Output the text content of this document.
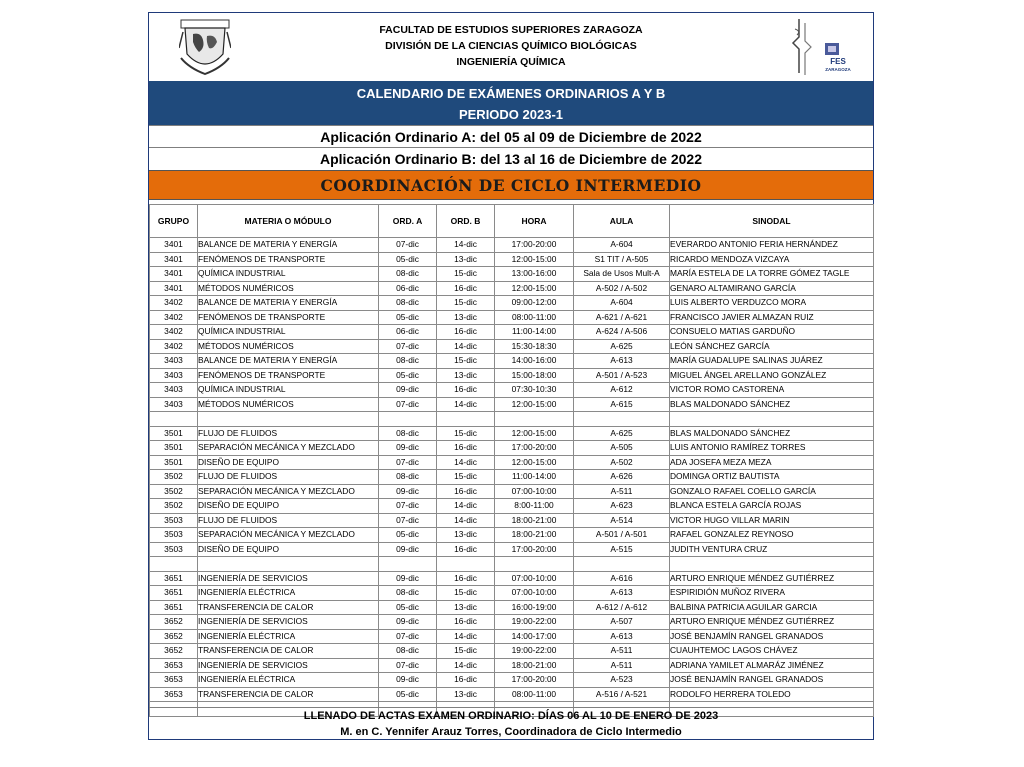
FACULTAD DE ESTUDIOS SUPERIORES ZARAGOZA
DIVISIÓN DE LA CIENCIAS QUÍMICO BIOLÓGICAS
INGENIERÍA QUÍMICA	FES
ZARAGOZA
CALENDARIO DE EXÁMENES ORDINARIOS A Y B
PERIODO 2023-1
Aplicación Ordinario A: del 05 al 09 de Diciembre de 2022
Aplicación Ordinario B: del 13 al 16 de Diciembre de 2022
COORDINACIÓN DE CICLO INTERMEDIO
GRUPO	MATERIA O MÓDULO	ORD. A	ORD. B	HORA	AULA	SINODAL
3401	BALANCE DE MATERIA Y ENERGÍA	07-dic	14-dic	17:00-20:00	A-604	EVERARDO ANTONIO FERIA HERNÁNDEZ
3401	FENÓMENOS DE TRANSPORTE	05-dic	13-dic	12:00-15:00	S1 TIT / A-505	RICARDO MENDOZA VIZCAYA
3401	QUÍMICA INDUSTRIAL	08-dic	15-dic	13:00-16:00	Sala de Usos Mult-A	MARÍA ESTELA DE LA TORRE GÓMEZ TAGLE
3401	MÉTODOS NUMÉRICOS	06-dic	16-dic	12:00-15:00	A-502 / A-502	GENARO ALTAMIRANO GARCÍA
3402	BALANCE DE MATERIA Y ENERGÍA	08-dic	15-dic	09:00-12:00	A-604	LUIS ALBERTO VERDUZCO MORA
3402	FENÓMENOS DE TRANSPORTE	05-dic	13-dic	08:00-11:00	A-621 / A-621	FRANCISCO JAVIER ALMAZAN RUIZ
3402	QUÍMICA INDUSTRIAL	06-dic	16-dic	11:00-14:00	A-624 / A-506	CONSUELO MATIAS GARDUÑO
3402	MÉTODOS NUMÉRICOS	07-dic	14-dic	15:30-18:30	A-625	LEÓN SÁNCHEZ GARCÍA
3403	BALANCE DE MATERIA Y ENERGÍA	08-dic	15-dic	14:00-16:00	A-613	MARÍA GUADALUPE SALINAS JUÁREZ
3403	FENÓMENOS DE TRANSPORTE	05-dic	13-dic	15:00-18:00	A-501 / A-523	MIGUEL ÁNGEL ARELLANO GONZÁLEZ
3403	QUÍMICA INDUSTRIAL	09-dic	16-dic	07:30-10:30	A-612	VICTOR ROMO CASTORENA
3403	MÉTODOS NUMÉRICOS	07-dic	14-dic	12:00-15:00	A-615	BLAS MALDONADO SÁNCHEZ

3501	FLUJO DE FLUIDOS	08-dic	15-dic	12:00-15:00	A-625	BLAS MALDONADO SÁNCHEZ
3501	SEPARACIÓN MECÁNICA Y MEZCLADO	09-dic	16-dic	17:00-20:00	A-505	LUIS ANTONIO RAMÍREZ TORRES
3501	DISEÑO DE EQUIPO	07-dic	14-dic	12:00-15:00	A-502	ADA JOSEFA MEZA MEZA
3502	FLUJO DE FLUIDOS	08-dic	15-dic	11:00-14:00	A-626	DOMINGA ORTIZ BAUTISTA
3502	SEPARACIÓN MECÁNICA Y MEZCLADO	09-dic	16-dic	07:00-10:00	A-511	GONZALO RAFAEL COELLO GARCÍA
3502	DISEÑO DE EQUIPO	07-dic	14-dic	8:00-11:00	A-623	BLANCA ESTELA GARCÍA ROJAS
3503	FLUJO DE FLUIDOS	07-dic	14-dic	18:00-21:00	A-514	VICTOR HUGO VILLAR MARIN
3503	SEPARACIÓN MECÁNICA Y MEZCLADO	05-dic	13-dic	18:00-21:00	A-501 / A-501	RAFAEL GONZALEZ REYNOSO
3503	DISEÑO DE EQUIPO	09-dic	16-dic	17:00-20:00	A-515	JUDITH VENTURA CRUZ

3651	INGENIERÍA DE SERVICIOS	09-dic	16-dic	07:00-10:00	A-616	ARTURO ENRIQUE MÉNDEZ GUTIÉRREZ
3651	INGENIERÍA ELÉCTRICA	08-dic	15-dic	07:00-10:00	A-613	ESPIRIDIÓN MUÑOZ RIVERA
3651	TRANSFERENCIA DE CALOR	05-dic	13-dic	16:00-19:00	A-612 / A-612	BALBINA PATRICIA AGUILAR GARCIA
3652	INGENIERÍA DE SERVICIOS	09-dic	16-dic	19:00-22:00	A-507	ARTURO ENRIQUE MÉNDEZ GUTIÉRREZ
3652	INGENIERÍA ELÉCTRICA	07-dic	14-dic	14:00-17:00	A-613	JOSÉ BENJAMÍN RANGEL GRANADOS
3652	TRANSFERENCIA DE CALOR	08-dic	15-dic	19:00-22:00	A-511	CUAUHTEMOC LAGOS CHÁVEZ
3653	INGENIERÍA DE SERVICIOS	07-dic	14-dic	18:00-21:00	A-511	ADRIANA YAMILET ALMARÁZ JIMÉNEZ
3653	INGENIERÍA ELÉCTRICA	09-dic	16-dic	17:00-20:00	A-523	JOSÉ BENJAMÍN RANGEL GRANADOS
3653	TRANSFERENCIA DE CALOR	05-dic	13-dic	08:00-11:00	A-516 / A-521	RODOLFO HERRERA TOLEDO

LLENADO DE ACTAS EXAMEN ORDINARIO: DÍAS 06 AL 10 DE ENERO DE 2023
M. en C. Yennifer Arauz Torres, Coordinadora de Ciclo Intermedio
